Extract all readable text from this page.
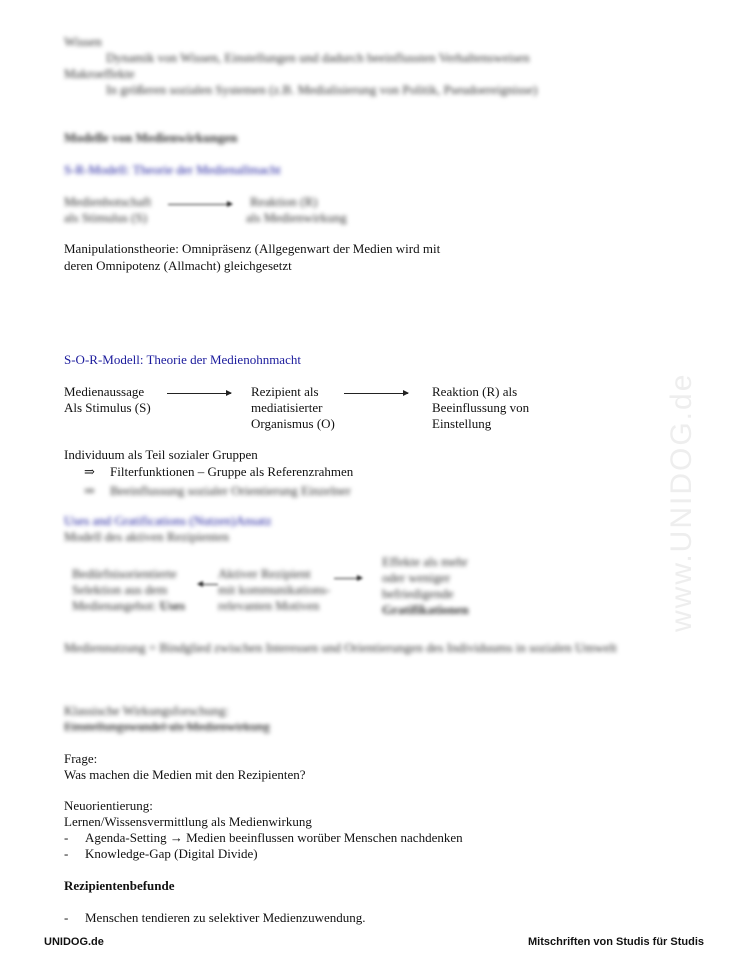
Wissen
Dynamik von Wissen, Einstellungen und dadurch beeinflussten Verhaltensweisen
Makroeffekte
In größeren sozialen Systemen (z.B. Medialisierung von Politik, Pseudoereignisse)
Modelle von Medienwirkungen
S-R-Modell: Theorie der Medienallmacht
Medienbotschaft
als Stimulus (S)
Reaktion (R)
als Medienwirkung
Manipulationstheorie: Omnipräsenz (Allgegenwart der Medien wird mit
deren Omnipotenz (Allmacht) gleichgesetzt
S-O-R-Modell: Theorie der Medienohnmacht
Medienaussage
Als Stimulus (S)
Rezipient als
mediatisierter
Organismus (O)
Reaktion (R) als
Beeinflussung von
Einstellung
Individuum als Teil sozialer Gruppen
⇒ Filterfunktionen – Gruppe als Referenzrahmen
⇒ Beeinflussung sozialer Orientierung Einzelner
Uses and Gratifications (Nutzen)Ansatz
Modell des aktiven Rezipienten
Bedürfnisorientierte
Selektion aus dem
Medienangebot: Uses
Aktiver Rezipient
mit kommunikations-
relevanten Motiven
Effekte als mehr
oder weniger
befriedigende
Gratifikationen
Mediennutzung = Bindglied zwischen Interessen und Orientierungen des Individuums in sozialen Umwelt
Klassische Wirkungsforschung:
Einstellungswandel als Medienwirkung
Frage:
Was machen die Medien mit den Rezipienten?
Neuorientierung:
Lernen/Wissensvermittlung als Medienwirkung
- Agenda-Setting → Medien beeinflussen worüber Menschen nachdenken
- Knowledge-Gap (Digital Divide)
Rezipientenbefunde
- Menschen tendieren zu selektiver Medienzuwendung.
www.UNIDOG.de
UNIDOG.de	Mitschriften von Studis für Studis
